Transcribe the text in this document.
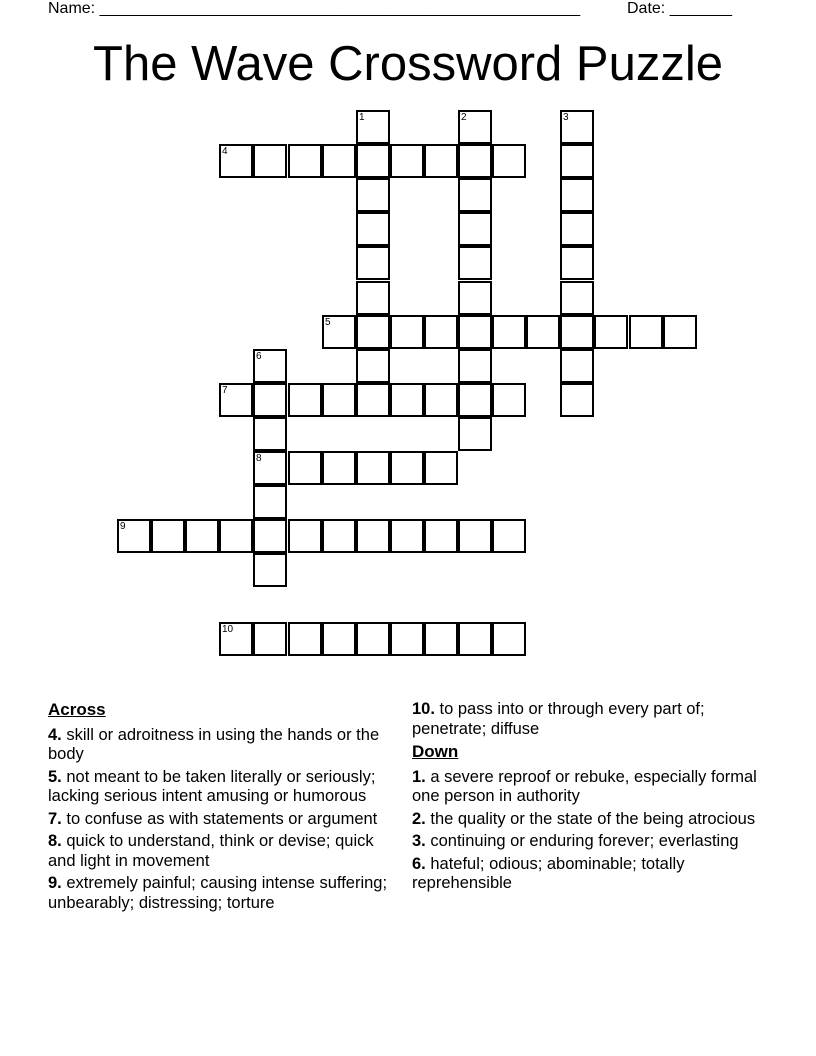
Name: ______________________________________________________	Date: _______
The Wave Crossword Puzzle
1	2	3
4
5
6
8
7
9
10
Across
4. skill or adroitness in using the hands or the body
5. not meant to be taken literally or seriously; lacking serious intent amusing or humorous
7. to confuse as with statements or argument
8. quick to understand, think or devise; quick and light in movement
9. extremely painful; causing intense suffering; unbearably; distressing; torture
10. to pass into or through every part of; penetrate; diffuse
Down
1. a severe reproof or rebuke, especially formal one person in authority
2. the quality or the state of the being atrocious
3. continuing or enduring forever; everlasting
6. hateful; odious; abominable; totally reprehensible
